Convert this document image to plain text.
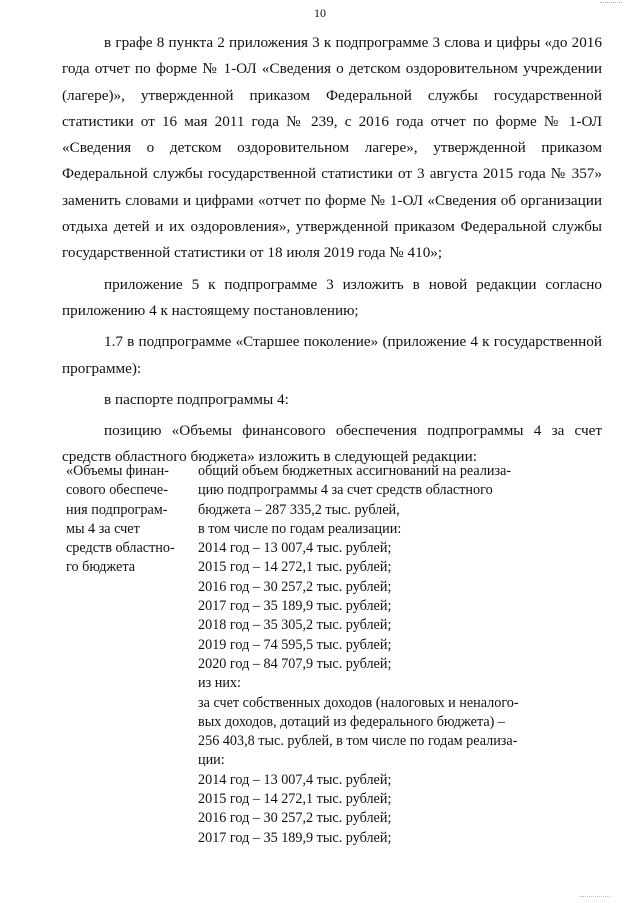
10

в графе 8 пункта 2 приложения 3 к подпрограмме 3 слова и цифры «до 2016 года отчет по форме № 1-ОЛ «Сведения о детском оздоровительном учреждении (лагере)», утвержденной приказом Федеральной службы государственной статистики от 16 мая 2011 года № 239, с 2016 года отчет по форме № 1-ОЛ «Сведения о детском оздоровительном лагере», утвержденной приказом Федеральной службы государственной статистики от 3 августа 2015 года № 357» заменить словами и цифрами «отчет по форме № 1-ОЛ «Сведения об организации отдыха детей и их оздоровления», утвержденной приказом Федеральной службы государственной статистики от 18 июля 2019 года № 410»;

приложение 5 к подпрограмме 3 изложить в новой редакции согласно приложению 4 к настоящему постановлению;

1.7 в подпрограмме «Старшее поколение» (приложение 4 к государственной программе):

в паспорте подпрограммы 4:

позицию «Объемы финансового обеспечения подпрограммы 4 за счет средств областного бюджета» изложить в следующей редакции:

«Объемы финан-
сового обеспече-
ния подпрограм-
мы 4 за счет
средств областно-
го бюджета
общий объем бюджетных ассигнований на реализа-
цию подпрограммы 4 за счет средств областного
бюджета – 287 335,2 тыс. рублей,
в том числе по годам реализации:
2014 год – 13 007,4 тыс. рублей;
2015 год – 14 272,1 тыс. рублей;
2016 год – 30 257,2 тыс. рублей;
2017 год – 35 189,9 тыс. рублей;
2018 год – 35 305,2 тыс. рублей;
2019 год – 74 595,5 тыс. рублей;
2020 год – 84 707,9 тыс. рублей;
из них:
за счет собственных доходов (налоговых и неналого-
вых доходов, дотаций из федерального бюджета) –
256 403,8 тыс. рублей, в том числе по годам реализа-
ции:
2014 год – 13 007,4 тыс. рублей;
2015 год – 14 272,1 тыс. рублей;
2016 год – 30 257,2 тыс. рублей;
2017 год – 35 189,9 тыс. рублей;
